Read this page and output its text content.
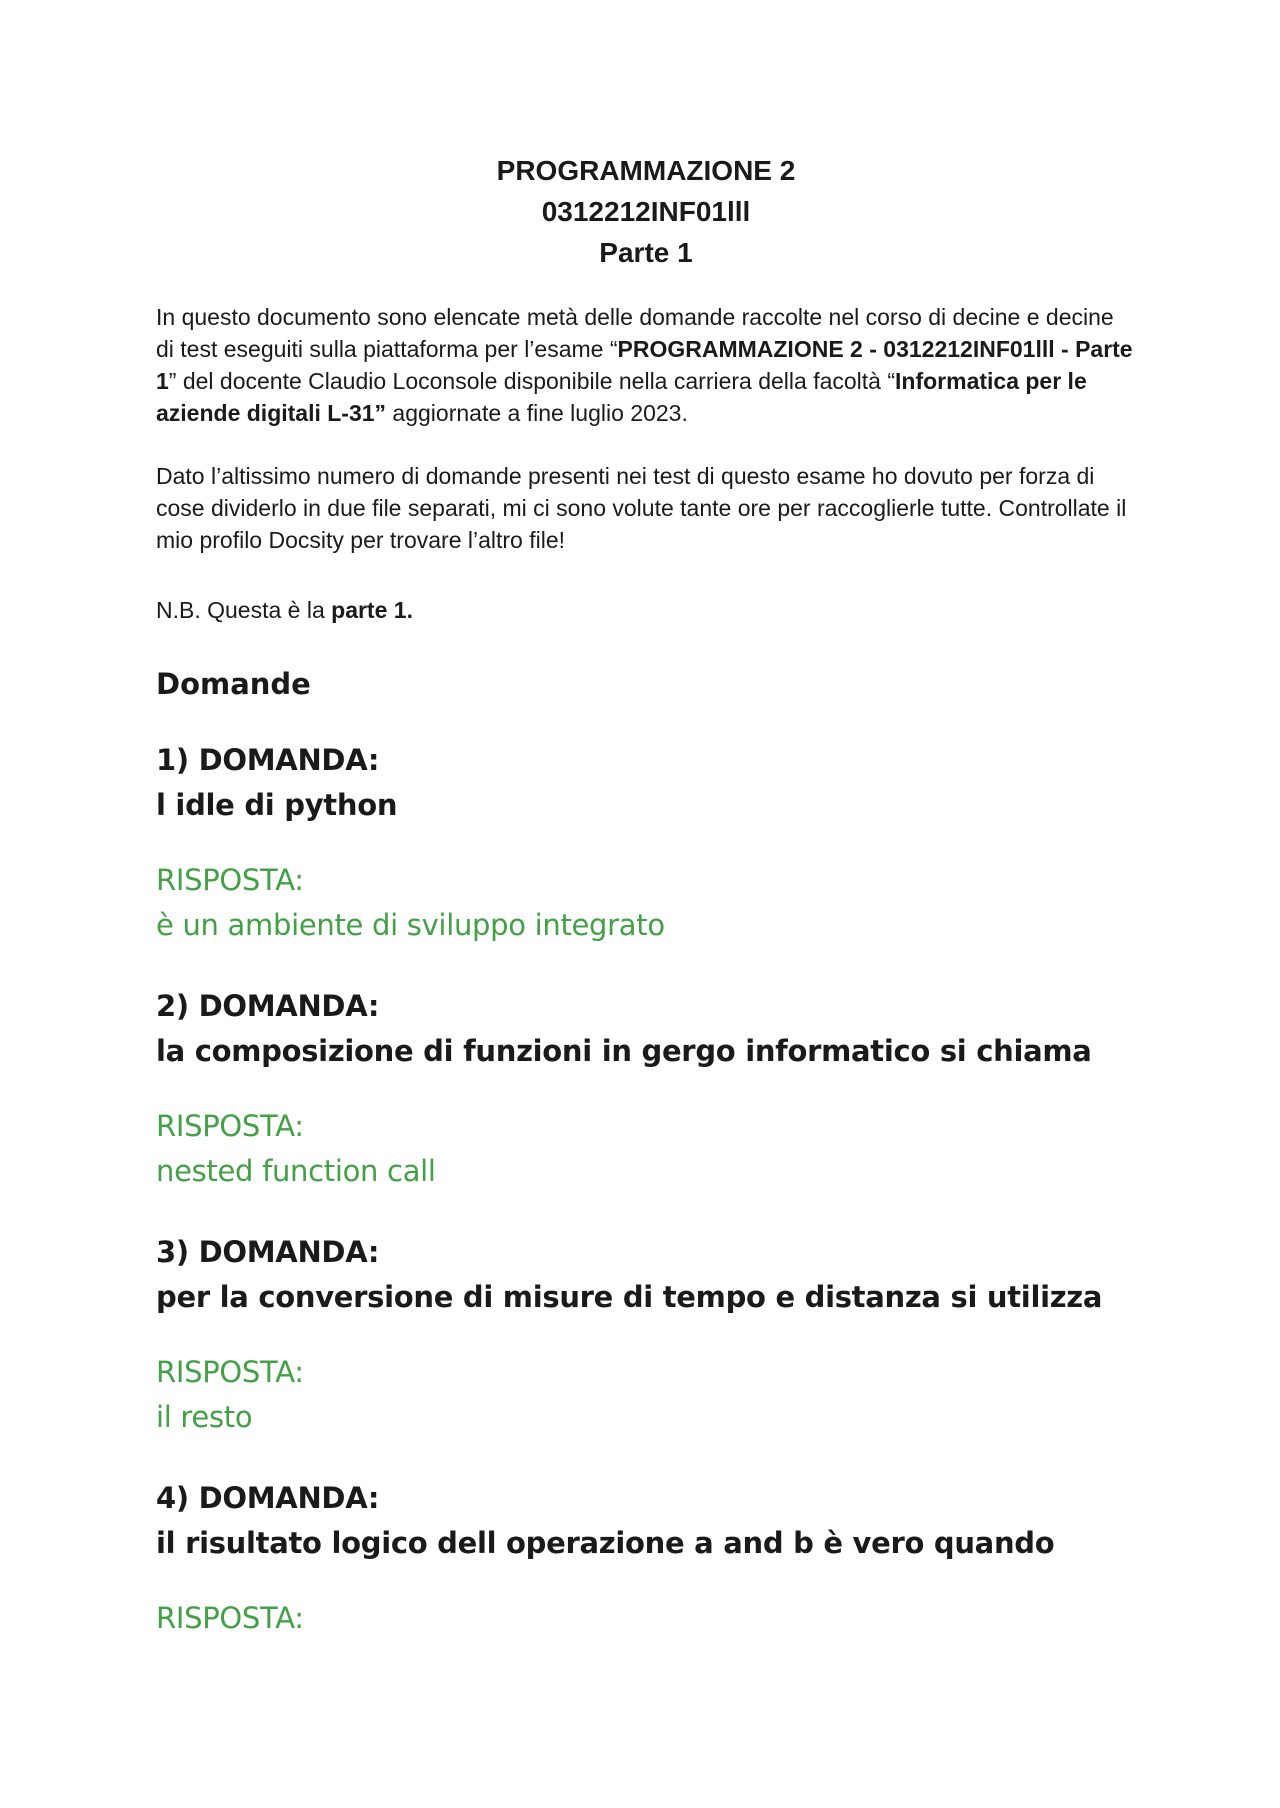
PROGRAMMAZIONE 2
0312212INF01lll
Parte 1

In questo documento sono elencate metà delle domande raccolte nel corso di decine e decine di test eseguiti sulla piattaforma per l’esame “PROGRAMMAZIONE 2 - 0312212INF01lll - Parte 1” del docente Claudio Loconsole disponibile nella carriera della facoltà “Informatica per le aziende digitali L-31” aggiornate a fine luglio 2023.

Dato l’altissimo numero di domande presenti nei test di questo esame ho dovuto per forza di cose dividerlo in due file separati, mi ci sono volute tante ore per raccoglierle tutte. Controllate il mio profilo Docsity per trovare l’altro file!

N.B. Questa è la parte 1.
Domande
1) DOMANDA:
l idle di python
RISPOSTA:
è un ambiente di sviluppo integrato
2) DOMANDA:
la composizione di funzioni in gergo informatico si chiama
RISPOSTA:
nested function call
3) DOMANDA:
per la conversione di misure di tempo e distanza si utilizza
RISPOSTA:
il resto
4) DOMANDA:
il risultato logico dell operazione a and b è vero quando
RISPOSTA:
